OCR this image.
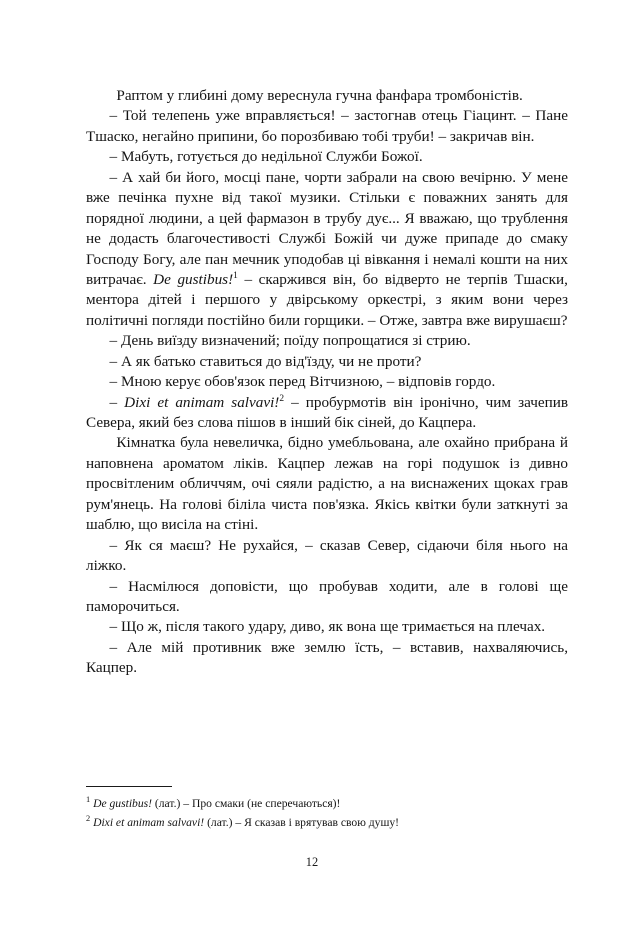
Раптом у глибині дому вереснула гучна фанфара тромбоністів.

– Той телепень уже вправляється! – застогнав отець Гіацинт. – Пане Тшаско, негайно припини, бо порозбиваю тобі труби! – закричав він.

– Мабуть, готується до недільної Служби Божої.

– А хай би його, мосці пане, чорти забрали на свою вечірню. У мене вже печінка пухне від такої музики. Стільки є поважних занять для порядної людини, а цей фармазон в трубу дує... Я вважаю, що трублення не додасть благочестивості Службі Божій чи дуже припаде до смаку Господу Богу, але пан мечник уподобав ці вівкання і немалі кошти на них витрачає. De gustibus!$^1$ – скаржився він, бо відверто не терпів Тшаски, ментора дітей і першого у двірському оркестрі, з яким вони через політичні погляди постійно били горщики. – Отже, завтра вже вирушаєш?

– День виїзду визначений; поїду попрощатися зі стрию.

– А як батько ставиться до від'їзду, чи не проти?

– Мною керує обов'язок перед Вітчизною, – відповів гордо.

– Dixi et animam salvavi!$^2$ – пробурмотів він іронічно, чим зачепив Севера, який без слова пішов в інший бік сіней, до Кацпера.

Кімнатка була невеличка, бідно умебльована, але охайно прибрана й наповнена ароматом ліків. Кацпер лежав на горі подушок із дивно просвітленим обличчям, очі сяяли радістю, а на виснажених щоках грав рум'янець. На голові біліла чиста пов'язка. Якісь квітки були заткнуті за шаблю, що висіла на стіні.

– Як ся маєш? Не рухайся, – сказав Север, сідаючи біля нього на ліжко.

– Насмілюся доповісти, що пробував ходити, але в голові ще паморочиться.

– Що ж, після такого удару, диво, як вона ще тримається на плечах.

– Але мій противник вже землю їсть, – вставив, нахваляючись, Кацпер.

$^1$ De gustibus! (лат.) – Про смаки (не сперечаються)!

$^2$ Dixi et animam salvavi! (лат.) – Я сказав і врятував свою душу!

12
